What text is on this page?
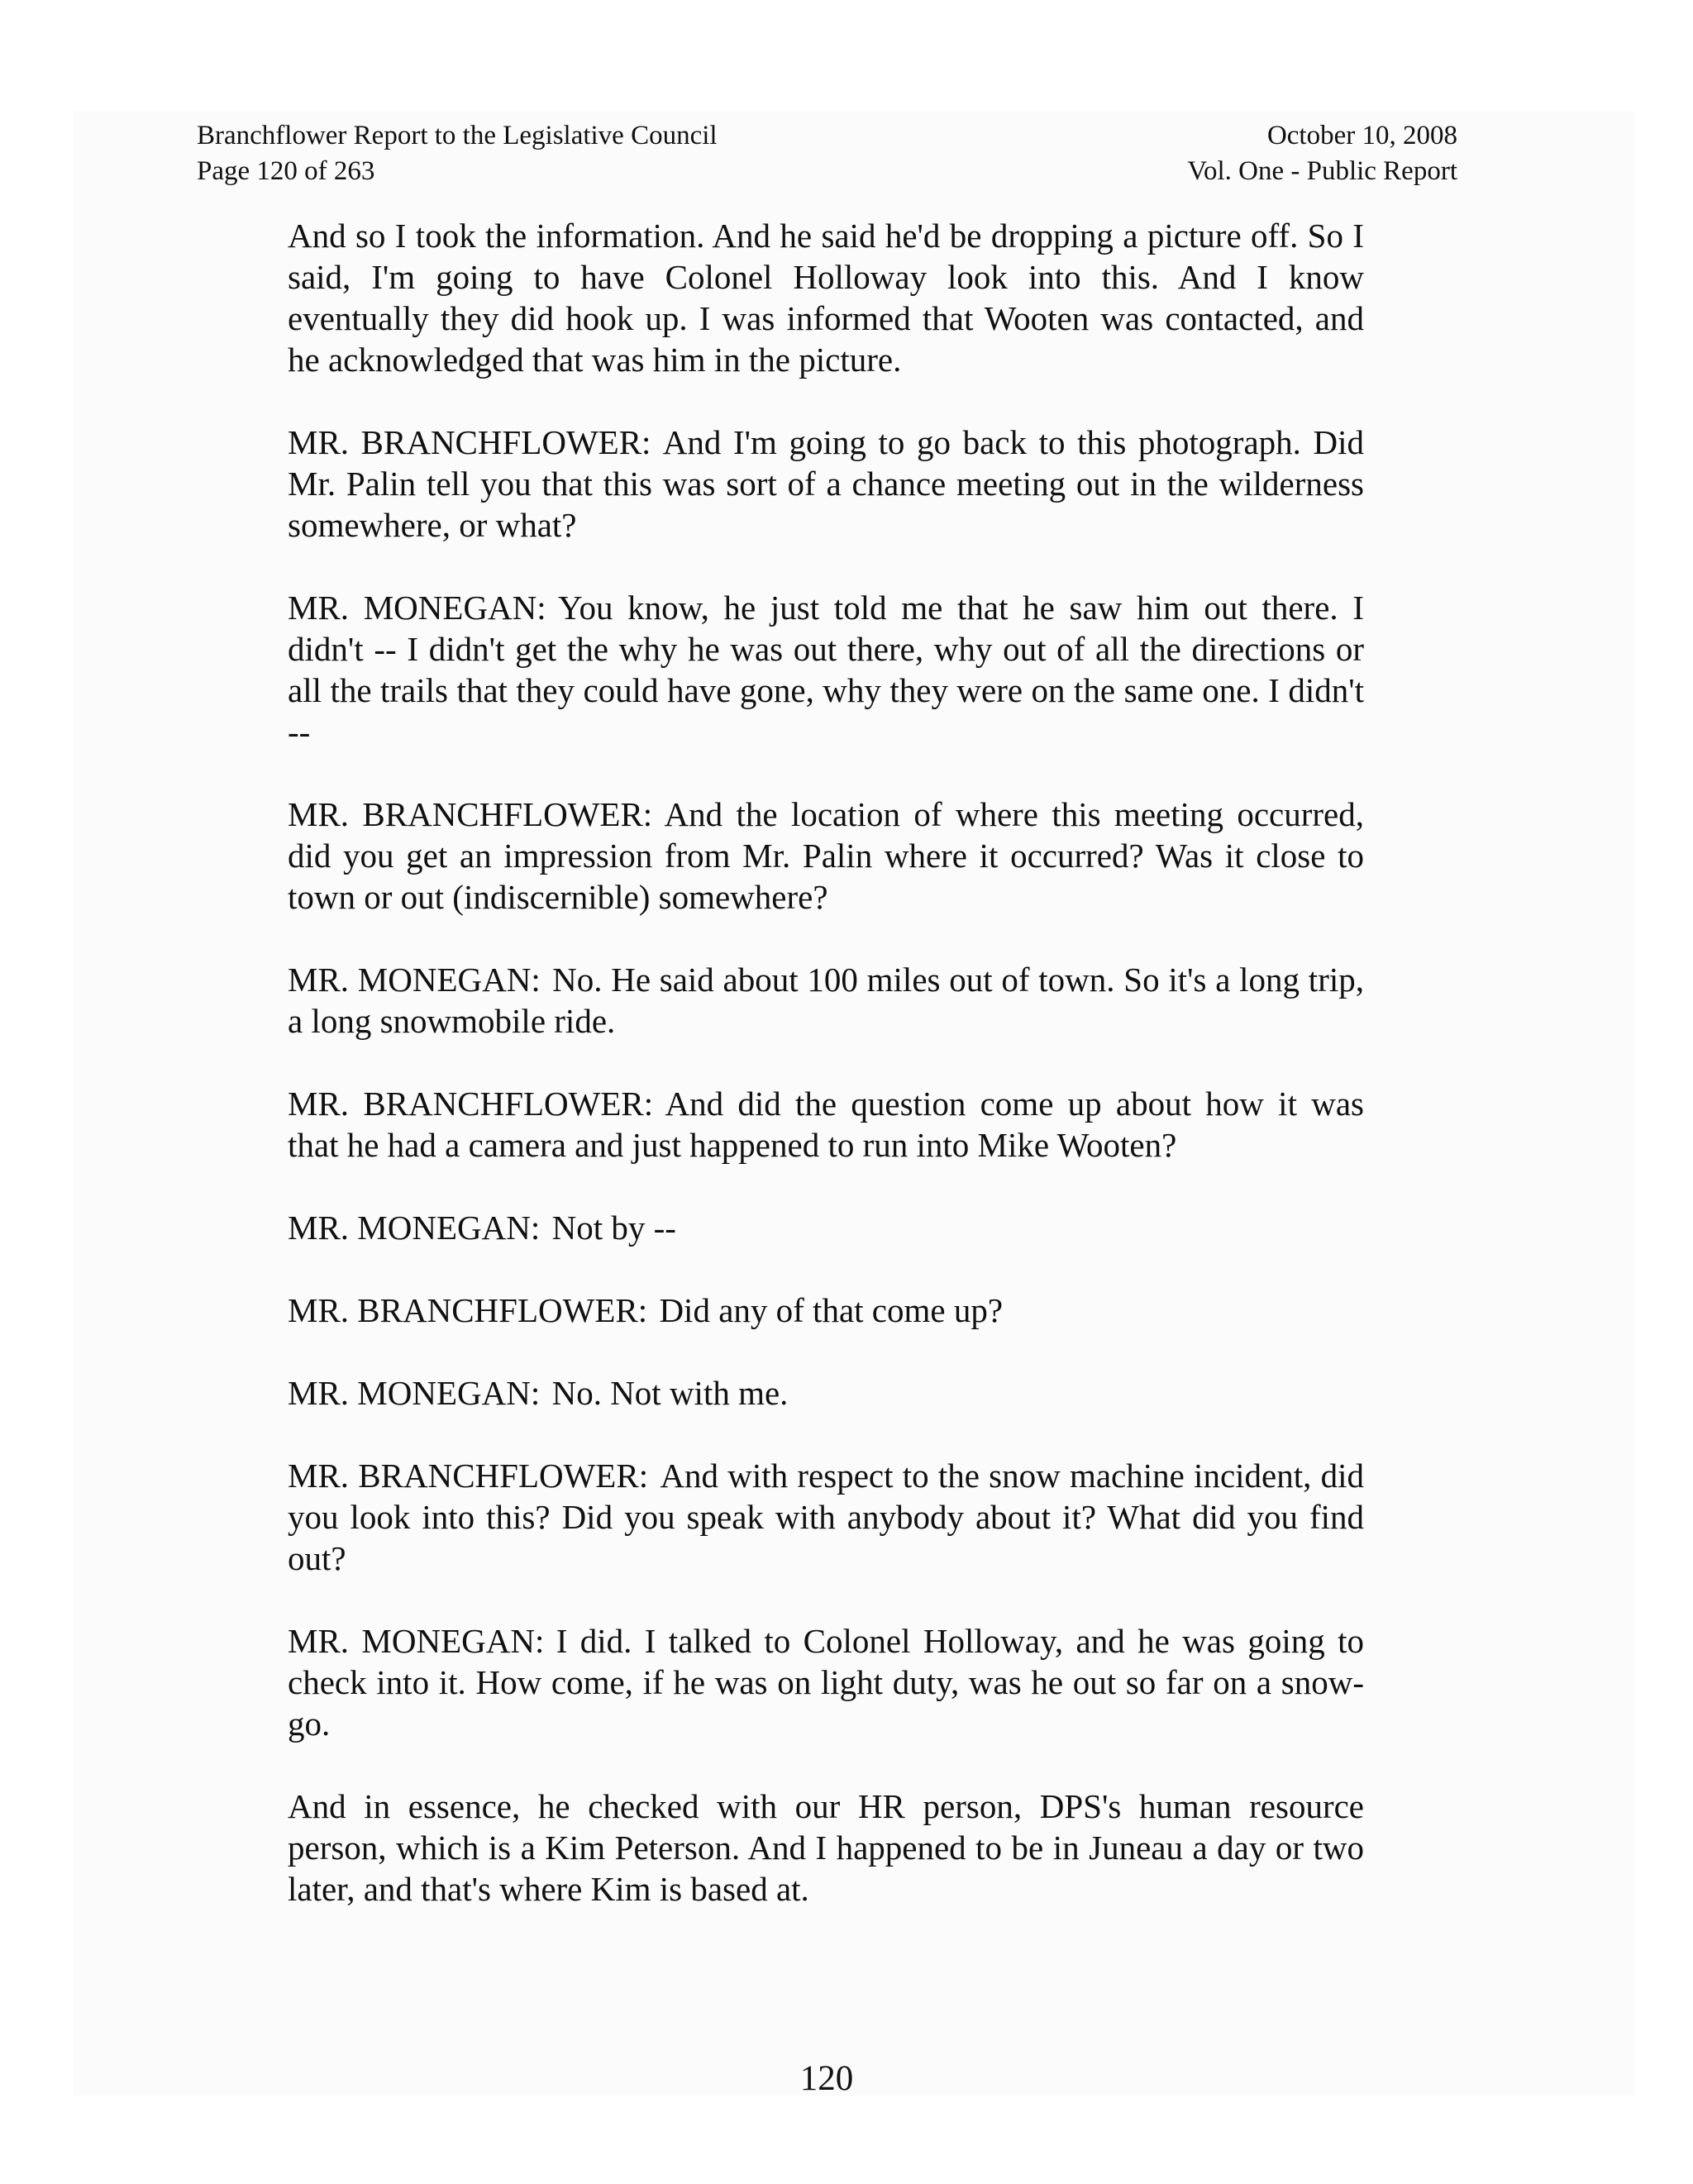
Branchflower Report to the Legislative Council
Page 120 of 263
October 10, 2008
Vol. One - Public Report

And so I took the information. And he said he'd be dropping a picture off. So I said, I'm going to have Colonel Holloway look into this. And I know eventually they did hook up. I was informed that Wooten was contacted, and he acknowledged that was him in the picture.

MR. BRANCHFLOWER: And I'm going to go back to this photograph. Did Mr. Palin tell you that this was sort of a chance meeting out in the wilderness somewhere, or what?

MR. MONEGAN: You know, he just told me that he saw him out there. I didn't -- I didn't get the why he was out there, why out of all the directions or all the trails that they could have gone, why they were on the same one. I didn't --

MR. BRANCHFLOWER: And the location of where this meeting occurred, did you get an impression from Mr. Palin where it occurred? Was it close to town or out (indiscernible) somewhere?

MR. MONEGAN: No. He said about 100 miles out of town. So it's a long trip, a long snowmobile ride.

MR. BRANCHFLOWER: And did the question come up about how it was that he had a camera and just happened to run into Mike Wooten?

MR. MONEGAN: Not by --

MR. BRANCHFLOWER: Did any of that come up?

MR. MONEGAN: No. Not with me.

MR. BRANCHFLOWER: And with respect to the snow machine incident, did you look into this? Did you speak with anybody about it? What did you find out?

MR. MONEGAN: I did. I talked to Colonel Holloway, and he was going to check into it. How come, if he was on light duty, was he out so far on a snow-go.

And in essence, he checked with our HR person, DPS's human resource person, which is a Kim Peterson. And I happened to be in Juneau a day or two later, and that's where Kim is based at.

120
